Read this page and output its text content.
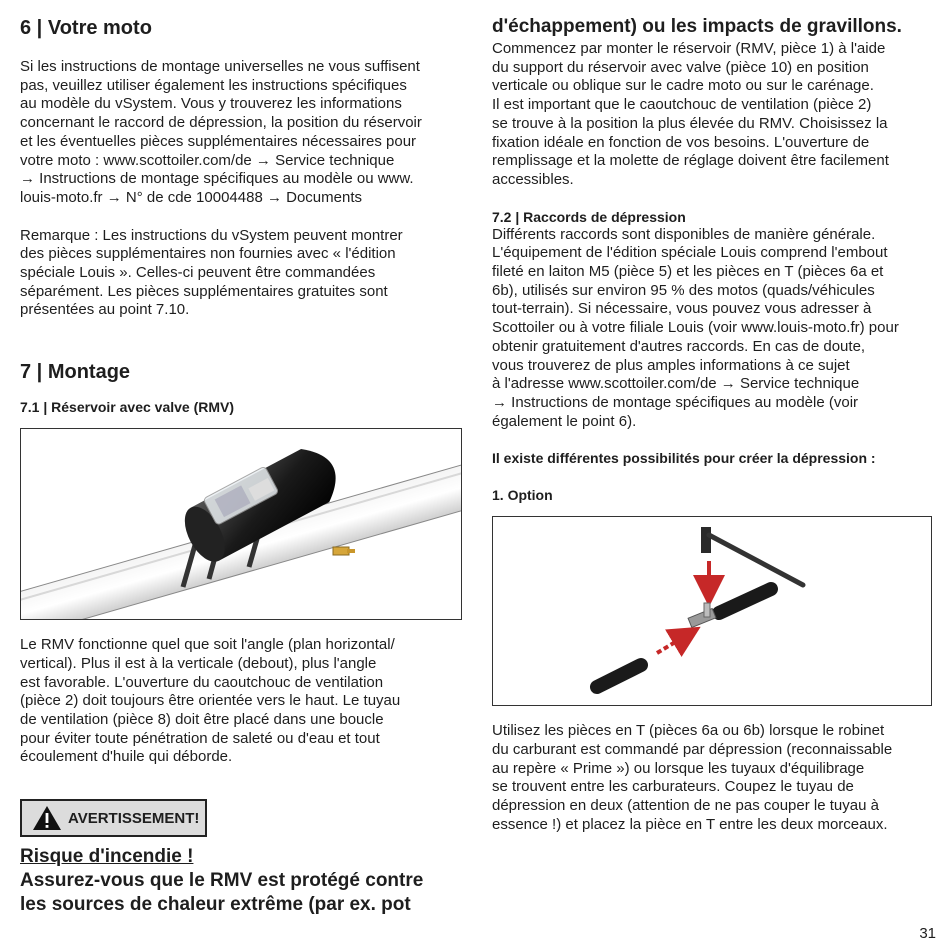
6 | Votre moto

Si les instructions de montage universelles ne vous suffisent

pas, veuillez utiliser également les instructions spécifiques

au modèle du vSystem. Vous y trouverez les informations

concernant le raccord de dépression, la position du réservoir

et les éventuelles pièces supplémentaires nécessaires pour

votre moto : www.scottoiler.com/de → Service technique

→ Instructions de montage spécifiques au modèle ou www.

louis-moto.fr → N° de cde 10004488 → Documents

Remarque : Les instructions du vSystem peuvent montrer

des pièces supplémentaires non fournies avec « l'édition

spéciale Louis ». Celles-ci peuvent être commandées

séparément. Les pièces supplémentaires gratuites sont

présentées au point 7.10.

7 | Montage
7.1 | Réservoir avec valve (RMV)

Le RMV fonctionne quel que soit l'angle (plan horizontal/

vertical). Plus il est à la verticale (debout), plus l'angle

est favorable. L'ouverture du caoutchouc de ventilation

(pièce 2) doit toujours être orientée vers le haut. Le tuyau

de ventilation (pièce 8) doit être placé dans une boucle

pour éviter toute pénétration de saleté ou d'eau et tout

écoulement d'huile qui déborde.

AVERTISSEMENT!
Risque d'incendie !
Assurez-vous que le RMV est protégé contre
les sources de chaleur extrême (par ex. pot
d'échappement) ou les impacts de gravillons.

Commencez par monter le réservoir (RMV, pièce 1) à l'aide

du support du réservoir avec valve (pièce 10) en position

verticale ou oblique sur le cadre moto ou sur le carénage.

Il est important que le caoutchouc de ventilation (pièce 2)

se trouve à la position la plus élevée du RMV. Choisissez la

fixation idéale en fonction de vos besoins. L'ouverture de

remplissage et la molette de réglage doivent être facilement

accessibles.

7.2 | Raccords de dépression

Différents raccords sont disponibles de manière générale.

L'équipement de l'édition spéciale Louis comprend l'embout

fileté en laiton M5 (pièce 5) et les pièces en T (pièces 6a et

6b), utilisés sur environ 95 % des motos (quads/véhicules

tout-terrain). Si nécessaire, vous pouvez vous adresser à

Scottoiler ou à votre filiale Louis (voir www.louis-moto.fr) pour

obtenir gratuitement d'autres raccords. En cas de doute,

vous trouverez de plus amples informations à ce sujet

à l'adresse www.scottoiler.com/de → Service technique

→ Instructions de montage spécifiques au modèle (voir

également le point 6).

Il existe différentes possibilités pour créer la dépression :
1. Option

Utilisez les pièces en T (pièces 6a ou 6b) lorsque le robinet

du carburant est commandé par dépression (reconnaissable

au repère « Prime ») ou lorsque les tuyaux d'équilibrage

se trouvent entre les carburateurs. Coupez le tuyau de

dépression en deux (attention de ne pas couper le tuyau à

essence !) et placez la pièce en T entre les deux morceaux.

31
